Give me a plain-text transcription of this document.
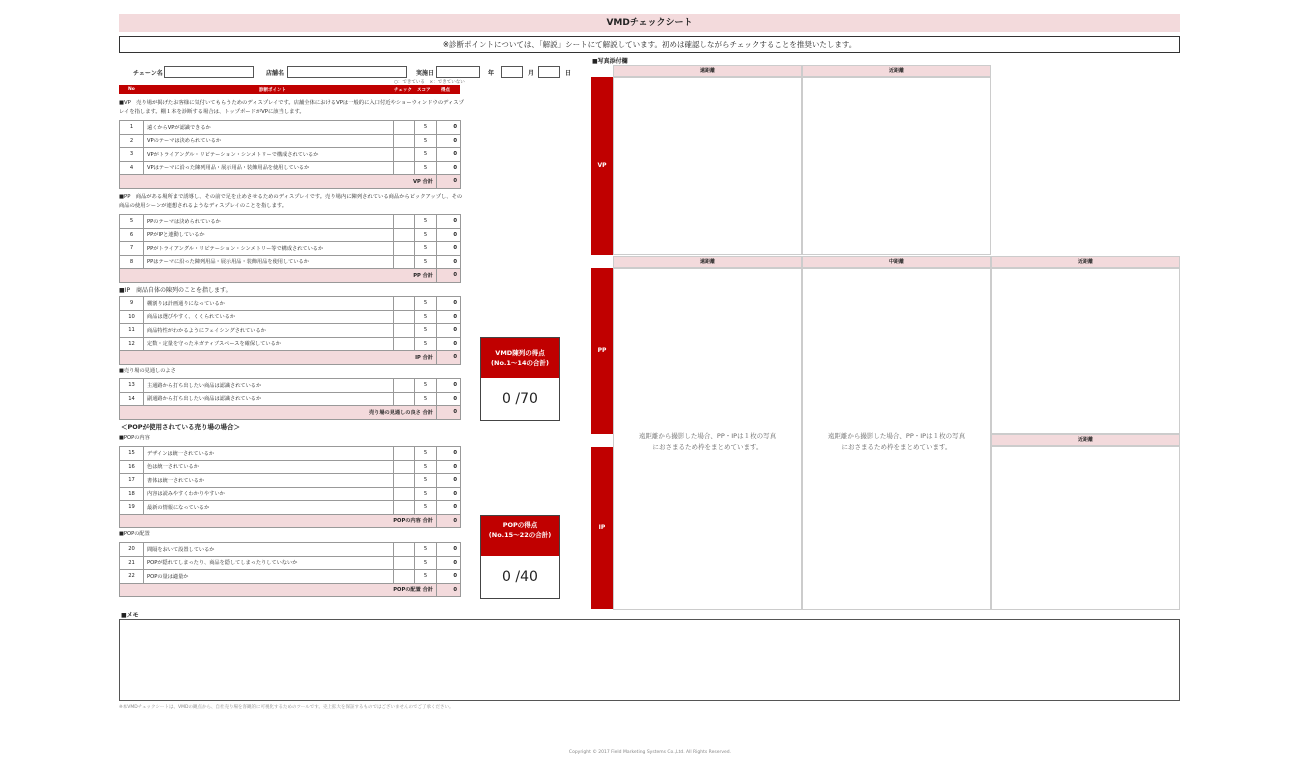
VMDチェックシート
※診断ポイントについては、「解説」シートにて解説しています。初めは確認しながらチェックすることを推奨いたします。
チェーン名	店舗名	実施日	年	月	日
○：できている　×：できていない
No	診断ポイント	チェック スコア 得点
■VP　売り場が掲げたお客様に気付いてもらうためのディスプレイです。店舗全体におけるVPは一般的に入口付近やショーウィンドウのディスプレイを指します。棚１本を診断する場合は、トップボードがVPに該当します。
1	遠くからVPが認識できるか		5	0
2	VPのテーマは決められているか		5	0
3	VPがトライアングル・リピテーション・シンメトリーで構成されているか		5	0
4	VPはテーマに沿った陳列用品・展示用品・装飾用品を使用しているか		5	0
VP 合計				0
■PP　商品がある場所まで誘導し、その前で足を止めさせるためのディスプレイです。売り場内に陳列されている商品からピックアップし、その商品の使用シーンが連想されるようなディスプレイのことを指します。
5	PPのテーマは決められているか		5	0
6	PPがIPと連動しているか		5	0
7	PPがトライアングル・リピテーション・シンメトリー等で構成されているか		5	0
8	PPはテーマに沿った陳列用品・展示用品・装飾用品を使用しているか		5	0
PP 合計				0
■IP　商品自体の陳列のことを指します。
9	棚割りは計画通りになっているか		5	0
10	商品は選びやすく、くくられているか		5	0
11	商品特性がわかるようにフェイシングされているか		5	0
12	定数・定量を守ったネガティブスペースを確保しているか		5	0
IP 合計				0
■売り場の見通しのよさ
13	主通路から打ち出したい商品は認識されているか		5	0
14	副通路から打ち出したい商品は認識されているか		5	0
売り場の見通しの良さ 合計				0
＜POPが使用されている売り場の場合＞
■POPの内容
15	デザインは統一されているか		5	0
16	色は統一されているか		5	0
17	書体は統一されているか		5	0
18	内容は読みやすくわかりやすいか		5	0
19	最新の情報になっているか		5	0
POPの内容 合計				0
■POPの配置
20	間隔をおいて設置しているか		5	0
21	POPが隠れてしまったり、商品を隠してしまったりしていないか		5	0
22	POPの量は適量か		5	0
POPの配置 合計				0
VMD陳列の得点
(No.1～14の合計)
0 /70
POPの得点
(No.15～22の合計)
0 /40
■写真添付欄
VP
遠距離	近距離
PP
IP
遠距離	中距離	近距離
遠距離から撮影した場合、PP・IPは１枚の写真におさまるため枠をまとめています。
遠距離から撮影した場合、PP・IPは１枚の写真におさまるため枠をまとめています。
近距離
■メモ
※本VMDチェックシートは、VMDの観点から、自社売り場を客観的に可視化するためのツールです。売上拡大を保証するものではございませんのでご了承ください。
Copyright © 2017 Field Marketing Systems Co.,Ltd. All Rights Reserved.
